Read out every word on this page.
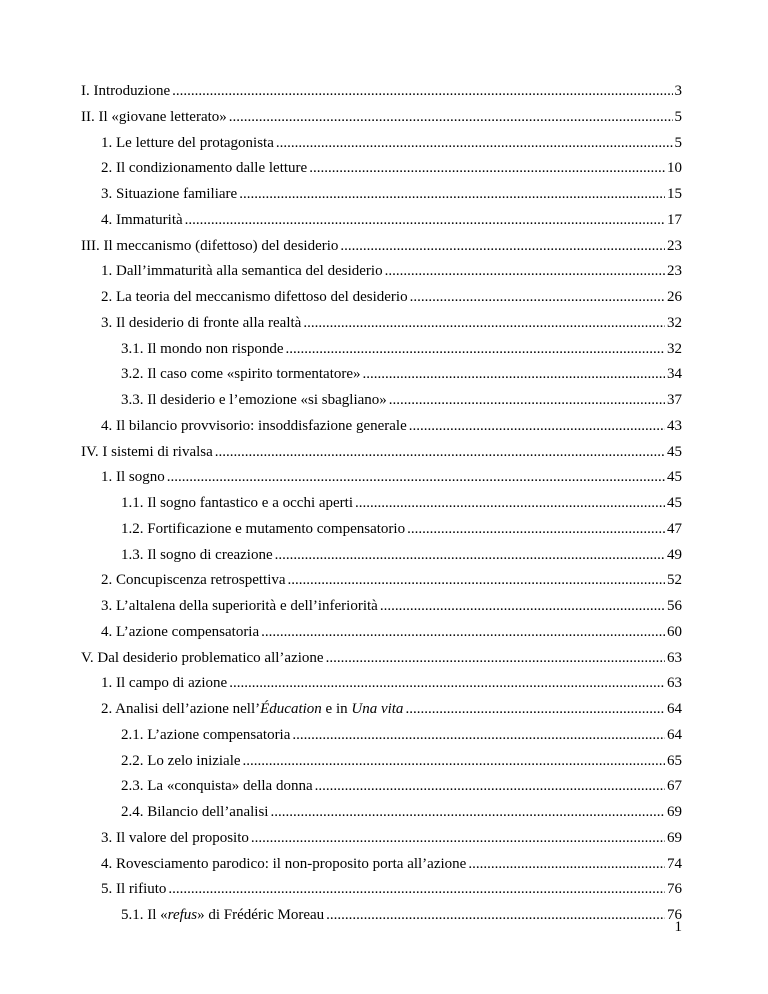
I. Introduzione .....	3
II. Il «giovane letterato» .....	5
1. Le letture del protagonista .....	5
2. Il condizionamento dalle letture .....	10
3. Situazione familiare .....	15
4. Immaturità .....	17
III. Il meccanismo (difettoso) del desiderio .....	23
1. Dall’immaturità alla semantica del desiderio .....	23
2. La teoria del meccanismo difettoso del desiderio .....	26
3. Il desiderio di fronte alla realtà .....	32
3.1. Il mondo non risponde .....	32
3.2. Il caso come «spirito tormentatore» .....	34
3.3. Il desiderio e l’emozione «si sbagliano» .....	37
4. Il bilancio provvisorio: insoddisfazione generale .....	43
IV. I sistemi di rivalsa .....	45
1. Il sogno .....	45
1.1. Il sogno fantastico e a occhi aperti .....	45
1.2. Fortificazione e mutamento compensatorio .....	47
1.3. Il sogno di creazione .....	49
2. Concupiscenza retrospettiva .....	52
3. L’altalena della superiorità e dell’inferiorità .....	56
4. L’azione compensatoria .....	60
V. Dal desiderio problematico all’azione .....	63
1. Il campo di azione .....	63
2. Analisi dell’azione nell’Éducation e in Una vita .....	64
2.1. L’azione compensatoria .....	64
2.2. Lo zelo iniziale .....	65
2.3. La «conquista» della donna .....	67
2.4. Bilancio dell’analisi .....	69
3. Il valore del proposito .....	69
4. Rovesciamento parodico: il non-proposito porta all’azione .....	74
5. Il rifiuto .....	76
5.1. Il «refus» di Frédéric Moreau .....	76
1
